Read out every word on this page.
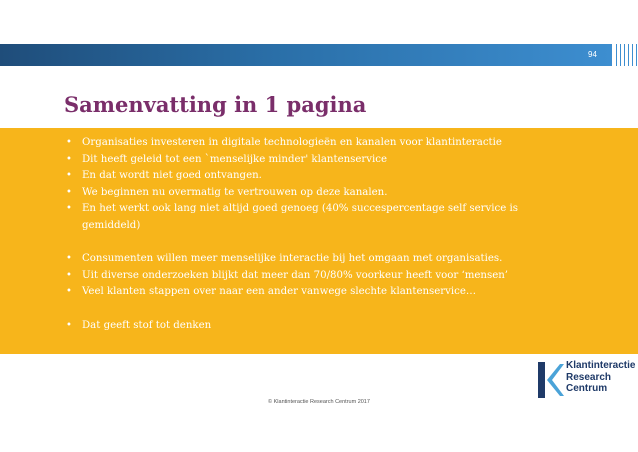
94
Samenvatting in 1 pagina
• Organisaties investeren in digitale technologieën en kanalen voor klantinteractie
• Dit heeft geleid tot een `menselijke minder' klantenservice
• En dat wordt niet goed ontvangen.
• We beginnen nu overmatig te vertrouwen op deze kanalen.
• En het werkt ook lang niet altijd goed genoeg (40% succespercentage self service is gemiddeld)
• Consumenten willen meer menselijke interactie bij het omgaan met organisaties.
• Uit diverse onderzoeken blijkt dat meer dan 70/80% voorkeur heeft voor ‘mensen’
• Veel klanten stappen over naar een ander vanwege slechte klantenservice…
• Dat geeft stof tot denken
Klantinteractie
Research
Centrum
© Klantinteractie Research Centrum 2017
